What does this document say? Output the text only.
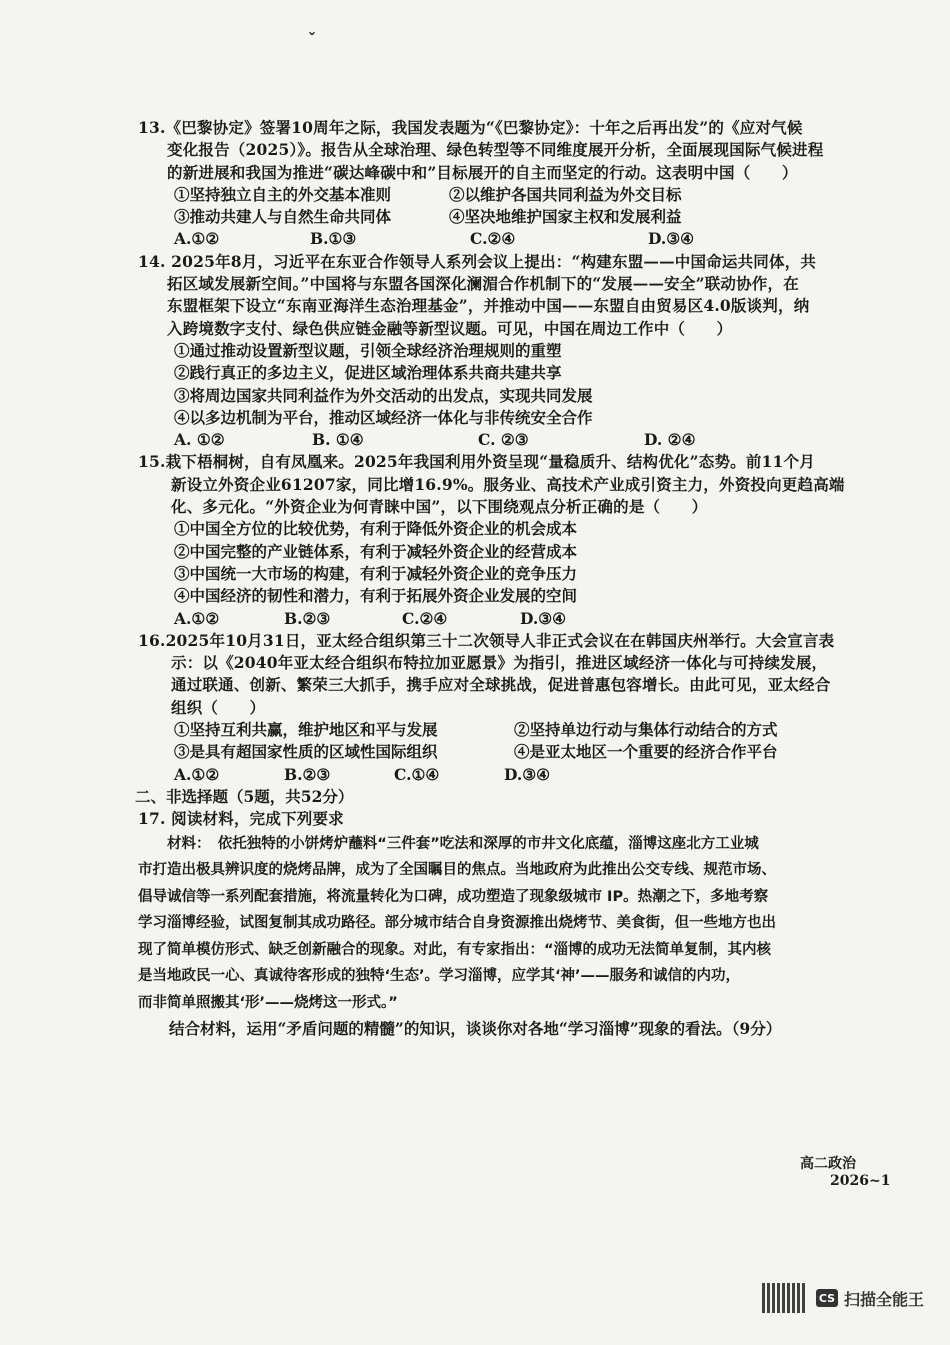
ˇ
13.《巴黎协定》签署10周年之际，我国发表题为“《巴黎协定》：十年之后再出发”的《应对气候
变化报告（2025）》。报告从全球治理、绿色转型等不同维度展开分析，全面展现国际气候进程
的新进展和我国为推进“碳达峰碳中和”目标展开的自主而坚定的行动。这表明中国（　　）
①坚持独立自主的外交基本准则	②以维护各国共同利益为外交目标
③推动共建人与自然生命共同体	④坚决地维护国家主权和发展利益
A.①②	B.①③	C.②④	D.③④
14. 2025年8月，习近平在东亚合作领导人系列会议上提出：“构建东盟——中国命运共同体，共
拓区域发展新空间。”中国将与东盟各国深化澜湄合作机制下的“发展——安全”联动协作，在
东盟框架下设立“东南亚海洋生态治理基金”，并推动中国——东盟自由贸易区4.0版谈判，纳
入跨境数字支付、绿色供应链金融等新型议题。可见，中国在周边工作中（　　）
①通过推动设置新型议题，引领全球经济治理规则的重塑
②践行真正的多边主义，促进区域治理体系共商共建共享
③将周边国家共同利益作为外交活动的出发点，实现共同发展
④以多边机制为平台，推动区域经济一体化与非传统安全合作
A. ①②	B. ①④	C. ②③	D. ②④
15.栽下梧桐树，自有凤凰来。2025年我国利用外资呈现“量稳质升、结构优化”态势。前11个月
新设立外资企业61207家，同比增16.9%。服务业、高技术产业成引资主力，外资投向更趋高端
化、多元化。“外资企业为何青睐中国”，以下围绕观点分析正确的是（　　）
①中国全方位的比较优势，有利于降低外资企业的机会成本
②中国完整的产业链体系，有利于减轻外资企业的经营成本
③中国统一大市场的构建，有利于减轻外资企业的竞争压力
④中国经济的韧性和潜力，有利于拓展外资企业发展的空间
A.①②	B.②③	C.②④	D.③④
16.2025年10月31日，亚太经合组织第三十二次领导人非正式会议在在韩国庆州举行。大会宣言表
示：以《2040年亚太经合组织布特拉加亚愿景》为指引，推进区域经济一体化与可持续发展，
通过联通、创新、繁荣三大抓手，携手应对全球挑战，促进普惠包容增长。由此可见，亚太经合
组织（　　）
①坚持互利共赢，维护地区和平与发展	②坚持单边行动与集体行动结合的方式
③是具有超国家性质的区域性国际组织	④是亚太地区一个重要的经济合作平台
A.①②	B.②③	C.①④	D.③④
二、非选择题（5题，共52分）
17. 阅读材料，完成下列要求

材料：　依托独特的小饼烤炉蘸料“三件套”吃法和深厚的市井文化底蕴，淄博这座北方工业城

市打造出极具辨识度的烧烤品牌，成为了全国瞩目的焦点。当地政府为此推出公交专线、规范市场、

倡导诚信等一系列配套措施，将流量转化为口碑，成功塑造了现象级城市 IP。热潮之下，多地考察

学习淄博经验，试图复制其成功路径。部分城市结合自身资源推出烧烤节、美食街，但一些地方也出

现了简单模仿形式、缺乏创新融合的现象。对此，有专家指出：“淄博的成功无法简单复制，其内核

是当地政民一心、真诚待客形成的独特‘生态’。学习淄博，应学其‘神’——服务和诚信的内功，

而非简单照搬其‘形’——烧烤这一形式。”

结合材料，运用“矛盾问题的精髓”的知识，谈谈你对各地“学习淄博”现象的看法。（9分）
高二政治 2026~1
CS 扫描全能王
